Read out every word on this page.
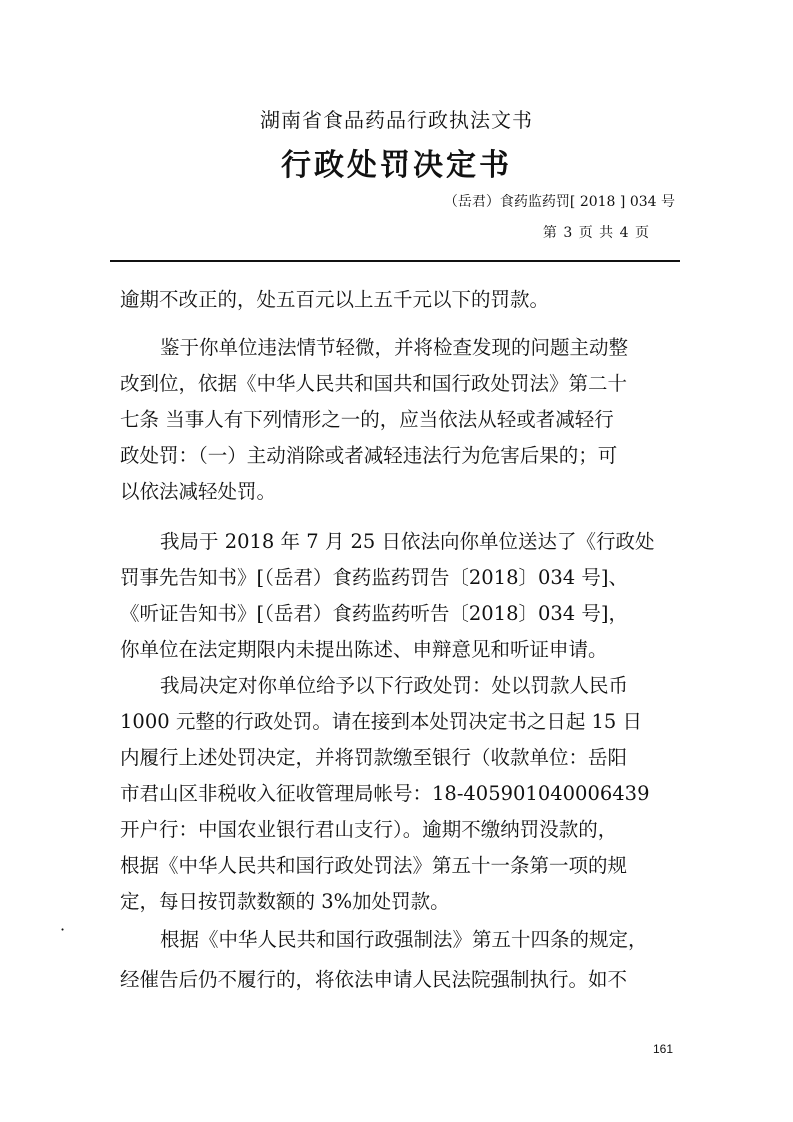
湖南省食品药品行政执法文书
行政处罚决定书
（岳君）食药监药罚[ 2018 ] 034 号
第 3 页 共 4 页

逾期不改正的，处五百元以上五千元以下的罚款。

鉴于你单位违法情节轻微，并将检查发现的问题主动整

改到位，依据《中华人民共和国共和国行政处罚法》第二十

七条 当事人有下列情形之一的，应当依法从轻或者减轻行

政处罚：（一）主动消除或者减轻违法行为危害后果的；可

以依法减轻处罚。

我局于 2018 年 7 月 25 日依法向你单位送达了《行政处

罚事先告知书》[（岳君）食药监药罚告〔2018〕034 号]、

《听证告知书》[（岳君）食药监药听告〔2018〕034 号]，

你单位在法定期限内未提出陈述、申辩意见和听证申请。

我局决定对你单位给予以下行政处罚：处以罚款人民币

1000 元整的行政处罚。请在接到本处罚决定书之日起 15 日

内履行上述处罚决定，并将罚款缴至银行（收款单位：岳阳

市君山区非税收入征收管理局帐号：18-405901040006439

开户行：中国农业银行君山支行）。逾期不缴纳罚没款的，

根据《中华人民共和国行政处罚法》第五十一条第一项的规

定，每日按罚款数额的 3%加处罚款。

根据《中华人民共和国行政强制法》第五十四条的规定，

经催告后仍不履行的，将依法申请人民法院强制执行。如不

·
161
